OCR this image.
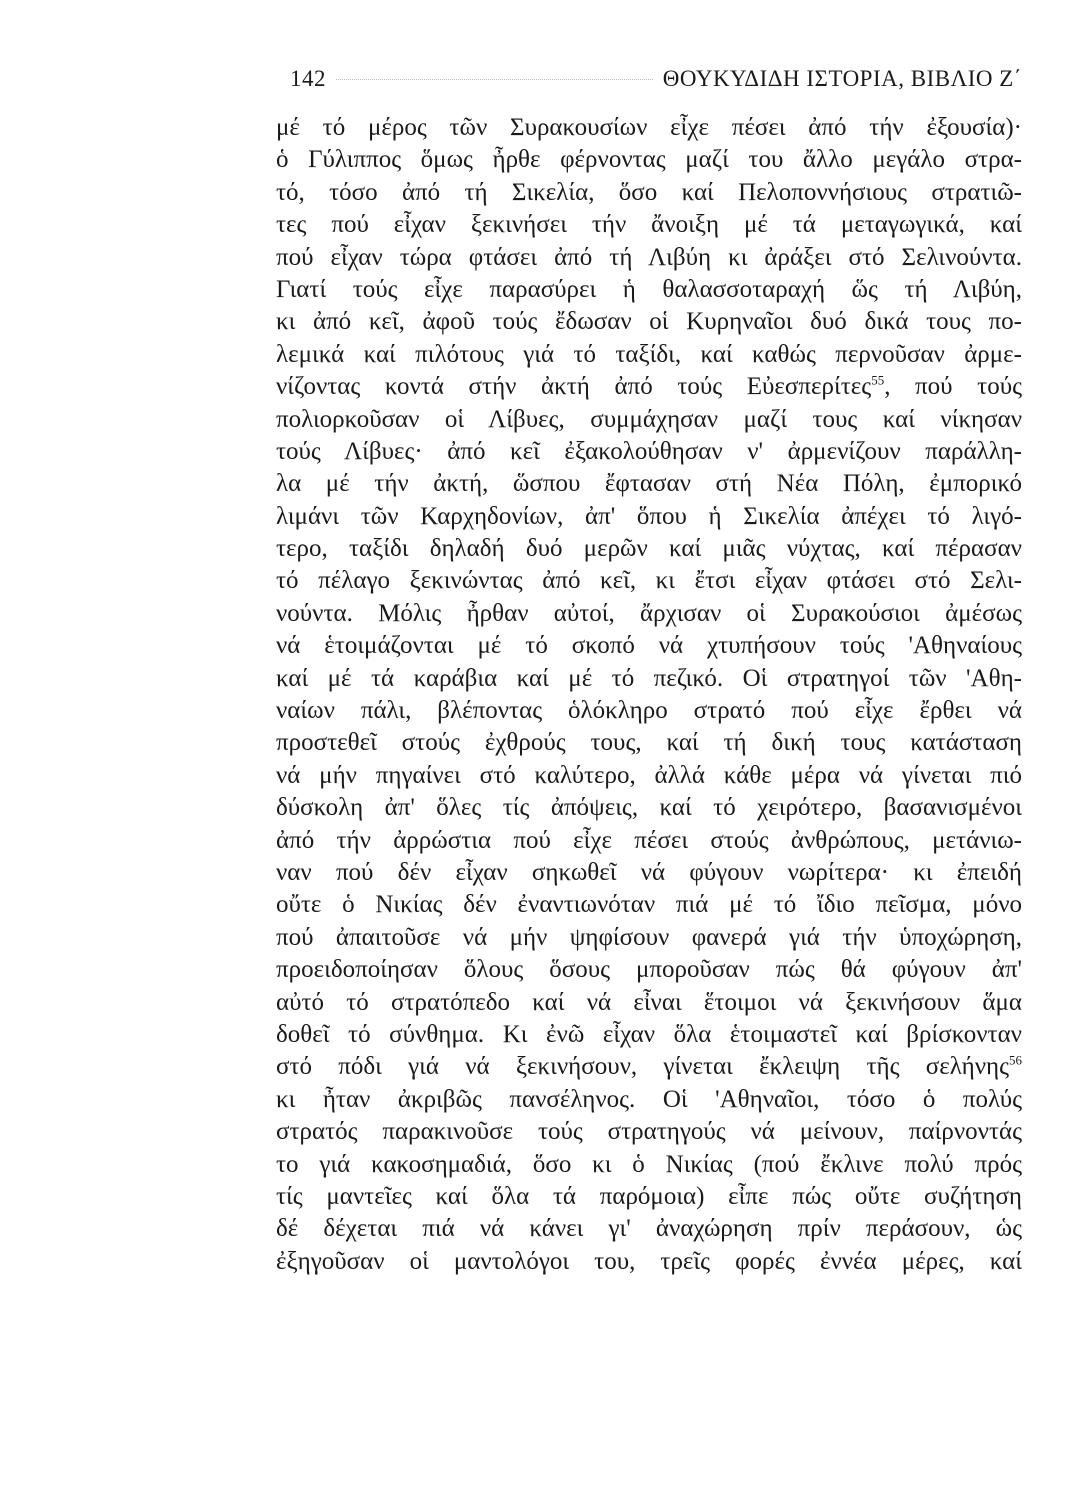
142	ΘΟΥΚΥΔΙΔΗ ΙΣΤΟΡΙΑ, ΒΙΒΛΙΟ Ζ΄
μέ τό μέρος τῶν Συρακουσίων εἶχε πέσει ἀπό τήν ἐξουσία)·
ὁ Γύλιππος ὅμως ἦρθε φέρνοντας μαζί του ἄλλο μεγάλο στρα-
τό, τόσο ἀπό τή Σικελία, ὅσο καί Πελοποννήσιους στρατιῶ-
τες πού εἶχαν ξεκινήσει τήν ἄνοιξη μέ τά μεταγωγικά, καί
πού εἶχαν τώρα φτάσει ἀπό τή Λιβύη κι ἀράξει στό Σελινούντα.
Γιατί τούς εἶχε παρασύρει ἡ θαλασσοταραχή ὥς τή Λιβύη,
κι ἀπό κεῖ, ἀφοῦ τούς ἔδωσαν οἱ Κυρηναῖοι δυό δικά τους πο-
λεμικά καί πιλότους γιά τό ταξίδι, καί καθώς περνοῦσαν ἀρμε-
νίζοντας κοντά στήν ἀκτή ἀπό τούς Εὐεσπερίτες$^{55}$, πού τούς
πολιορκοῦσαν οἱ Λίβυες, συμμάχησαν μαζί τους καί νίκησαν
τούς Λίβυες· ἀπό κεῖ ἐξακολούθησαν ν' ἀρμενίζουν παράλλη-
λα μέ τήν ἀκτή, ὥσπου ἔφτασαν στή Νέα Πόλη, ἐμπορικό
λιμάνι τῶν Καρχηδονίων, ἀπ' ὅπου ἡ Σικελία ἀπέχει τό λιγό-
τερο, ταξίδι δηλαδή δυό μερῶν καί μιᾶς νύχτας, καί πέρασαν
τό πέλαγο ξεκινώντας ἀπό κεῖ, κι ἔτσι εἶχαν φτάσει στό Σελι-
νούντα. Μόλις ἦρθαν αὐτοί, ἄρχισαν οἱ Συρακούσιοι ἀμέσως
νά ἑτοιμάζονται μέ τό σκοπό νά χτυπήσουν τούς 'Αθηναίους
καί μέ τά καράβια καί μέ τό πεζικό. Οἱ στρατηγοί τῶν 'Αθη-
ναίων πάλι, βλέποντας ὁλόκληρο στρατό πού εἶχε ἔρθει νά
προστεθεῖ στούς ἐχθρούς τους, καί τή δική τους κατάσταση
νά μήν πηγαίνει στό καλύτερο, ἀλλά κάθε μέρα νά γίνεται πιό
δύσκολη ἀπ' ὅλες τίς ἀπόψεις, καί τό χειρότερο, βασανισμένοι
ἀπό τήν ἀρρώστια πού εἶχε πέσει στούς ἀνθρώπους, μετάνιω-
ναν πού δέν εἶχαν σηκωθεῖ νά φύγουν νωρίτερα· κι ἐπειδή
οὔτε ὁ Νικίας δέν ἐναντιωνόταν πιά μέ τό ἴδιο πεῖσμα, μόνο
πού ἀπαιτοῦσε νά μήν ψηφίσουν φανερά γιά τήν ὑποχώρηση,
προειδοποίησαν ὅλους ὅσους μποροῦσαν πώς θά φύγουν ἀπ'
αὐτό τό στρατόπεδο καί νά εἶναι ἕτοιμοι νά ξεκινήσουν ἅμα
δοθεῖ τό σύνθημα. Κι ἐνῶ εἶχαν ὅλα ἑτοιμαστεῖ καί βρίσκονταν
στό πόδι γιά νά ξεκινήσουν, γίνεται ἔκλειψη τῆς σελήνης$^{56}$
κι ἦταν ἀκριβῶς πανσέληνος. Οἱ 'Αθηναῖοι, τόσο ὁ πολύς
στρατός παρακινοῦσε τούς στρατηγούς νά μείνουν, παίρνοντάς
το γιά κακοσημαδιά, ὅσο κι ὁ Νικίας (πού ἔκλινε πολύ πρός
τίς μαντεῖες καί ὅλα τά παρόμοια) εἶπε πώς οὔτε συζήτηση
δέ δέχεται πιά νά κάνει γι' ἀναχώρηση πρίν περάσουν, ὡς
ἐξηγοῦσαν οἱ μαντολόγοι του, τρεῖς φορές ἐννέα μέρες, καί
